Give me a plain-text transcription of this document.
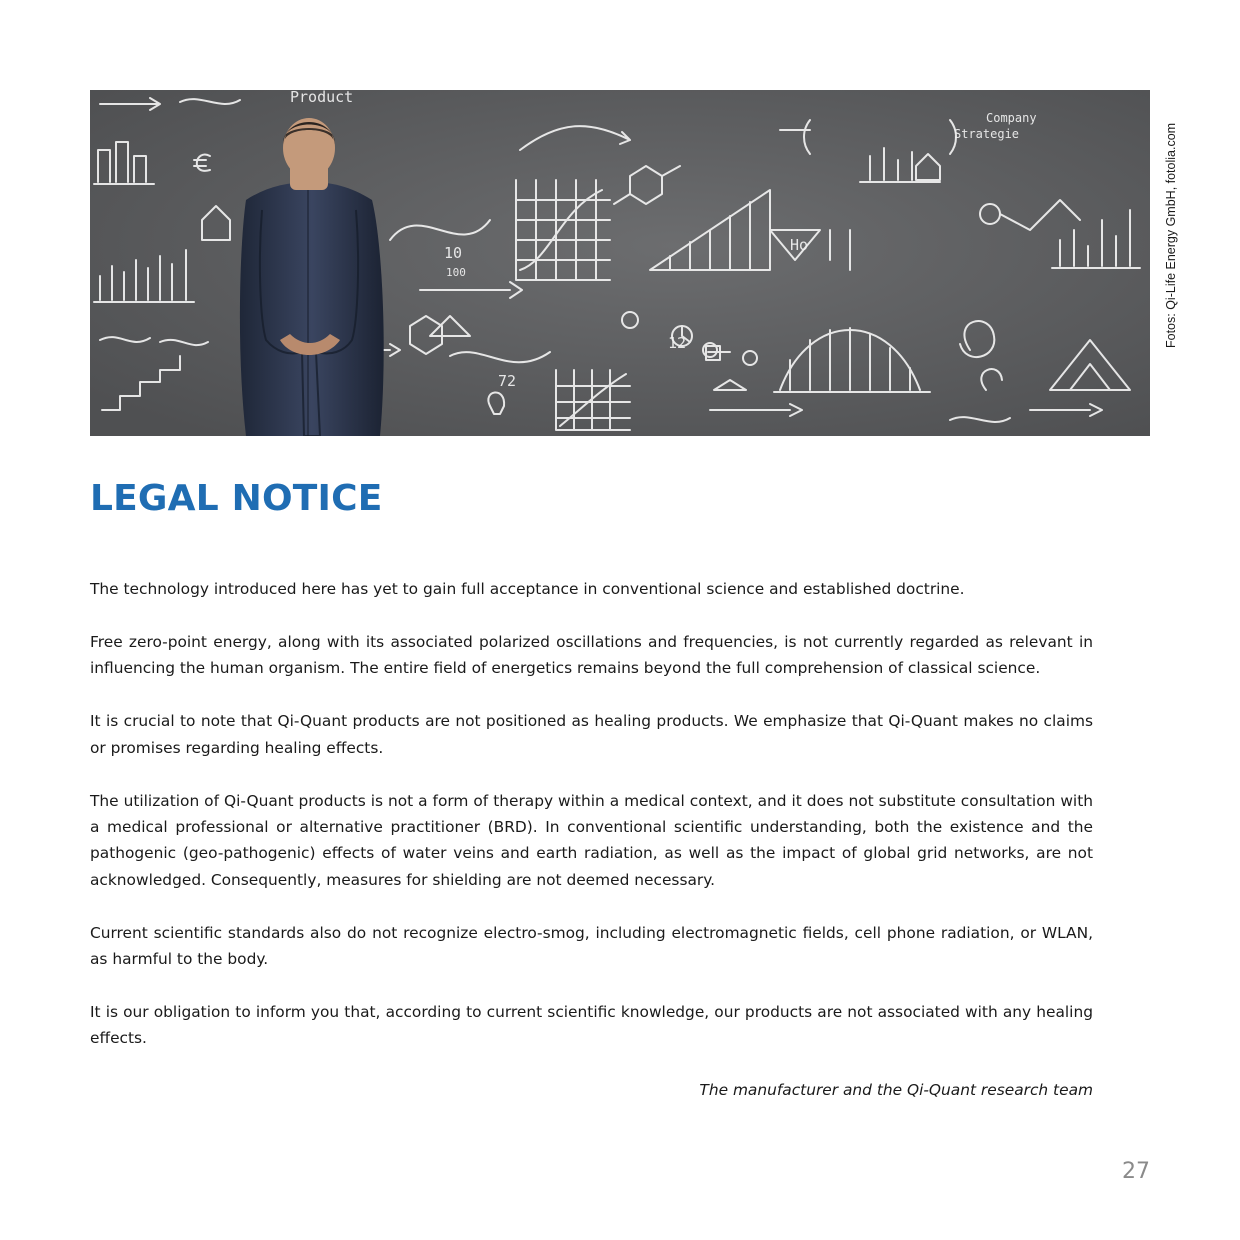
Product
Company
Strategie
10
100
Ho
12
72
Fotos: Qi-Life Energy GmbH, fotolia.com
LEGAL NOTICE

The technology introduced here has yet to gain full acceptance in conventional science and established doctrine.

Free zero-point energy, along with its associated polarized oscillations and frequencies, is not currently regarded as relevant in influencing the human organism. The entire field of energetics remains beyond the full comprehension of classical science.

It is crucial to note that Qi-Quant products are not positioned as healing products. We emphasize that Qi-Quant makes no claims or promises regarding healing effects.

The utilization of Qi-Quant products is not a form of therapy within a medical context, and it does not substitute consultation with a medical professional or alternative practitioner (BRD). In conventional scientific understanding, both the existence and the pathogenic (geo-pathogenic) effects of water veins and earth radiation, as well as the impact of global grid networks, are not acknowledged. Consequently, measures for shielding are not deemed necessary.

Current scientific standards also do not recognize electro-smog, including electromagnetic fields, cell phone radiation, or WLAN, as harmful to the body.

It is our obligation to inform you that, according to current scientific knowledge, our products are not associated with any healing effects.

The manufacturer and the Qi-Quant research team

27
